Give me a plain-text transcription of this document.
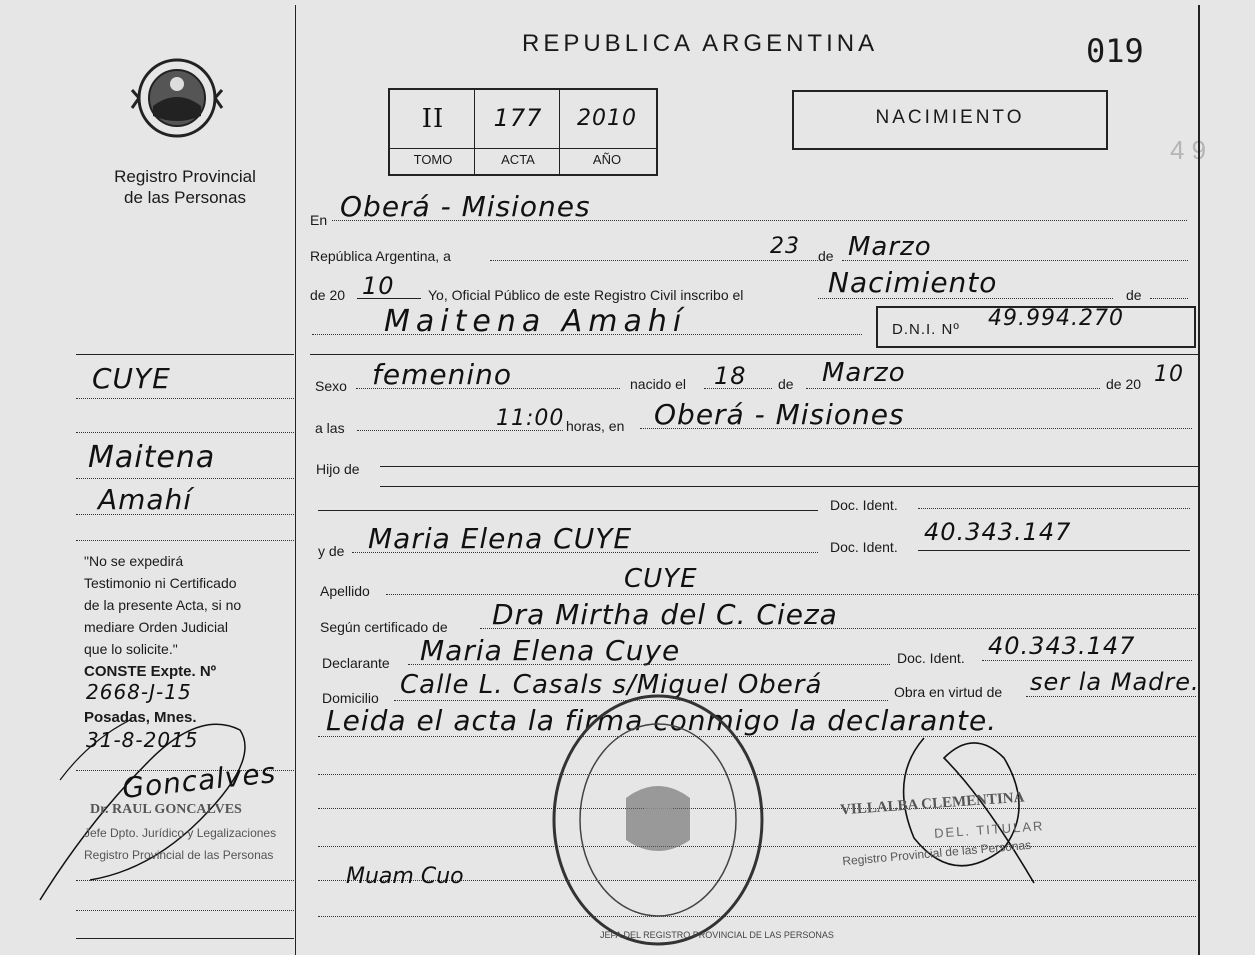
4 9
Registro Provincial
de las Personas
REPUBLICA ARGENTINA	019
II	177	2010
TOMO	ACTA	AÑO
NACIMIENTO
CUYE
Maitena
Amahí
"No se expedirá
Testimonio ni Certificado
de la presente Acta, si no
mediare Orden Judicial
que lo solicite."
CONSTE Expte. Nº
2668-J-15
Posadas, Mnes.
31-8-2015
Goncalves
Dr. RAUL GONCALVES
Jefe Dpto. Jurídico y Legalizaciones
Registro Provincial de las Personas
En Oberá - Misiones
República Argentina, a	23 de Marzo
de 20 10 Yo, Oficial Público de este Registro Civil inscribo el	Nacimiento	de
Maitena Amahí	D.N.I. Nº 49.994.270
Sexo femenino	nacido el 18 de Marzo	de 20 10
a las	11:00 horas, en Oberá - Misiones
Hijo de
Doc. Ident.
y de Maria Elena CUYE	Doc. Ident.
40.343.147
Apellido	CUYE
Según certificado de Dra Mirtha del C. Cieza
Declarante Maria Elena Cuye	Doc. Ident. 40.343.147
Domicilio Calle L. Casals s/Miguel Oberá	Obra en virtud de ser la Madre.
Leida el acta la firma conmigo la declarante.
Muam Cuo
JEFA DEL REGISTRO PROVINCIAL DE LAS PERSONAS
VILLALBA CLEMENTINA
DEL. TITULAR
Registro Provincial de las Personas
